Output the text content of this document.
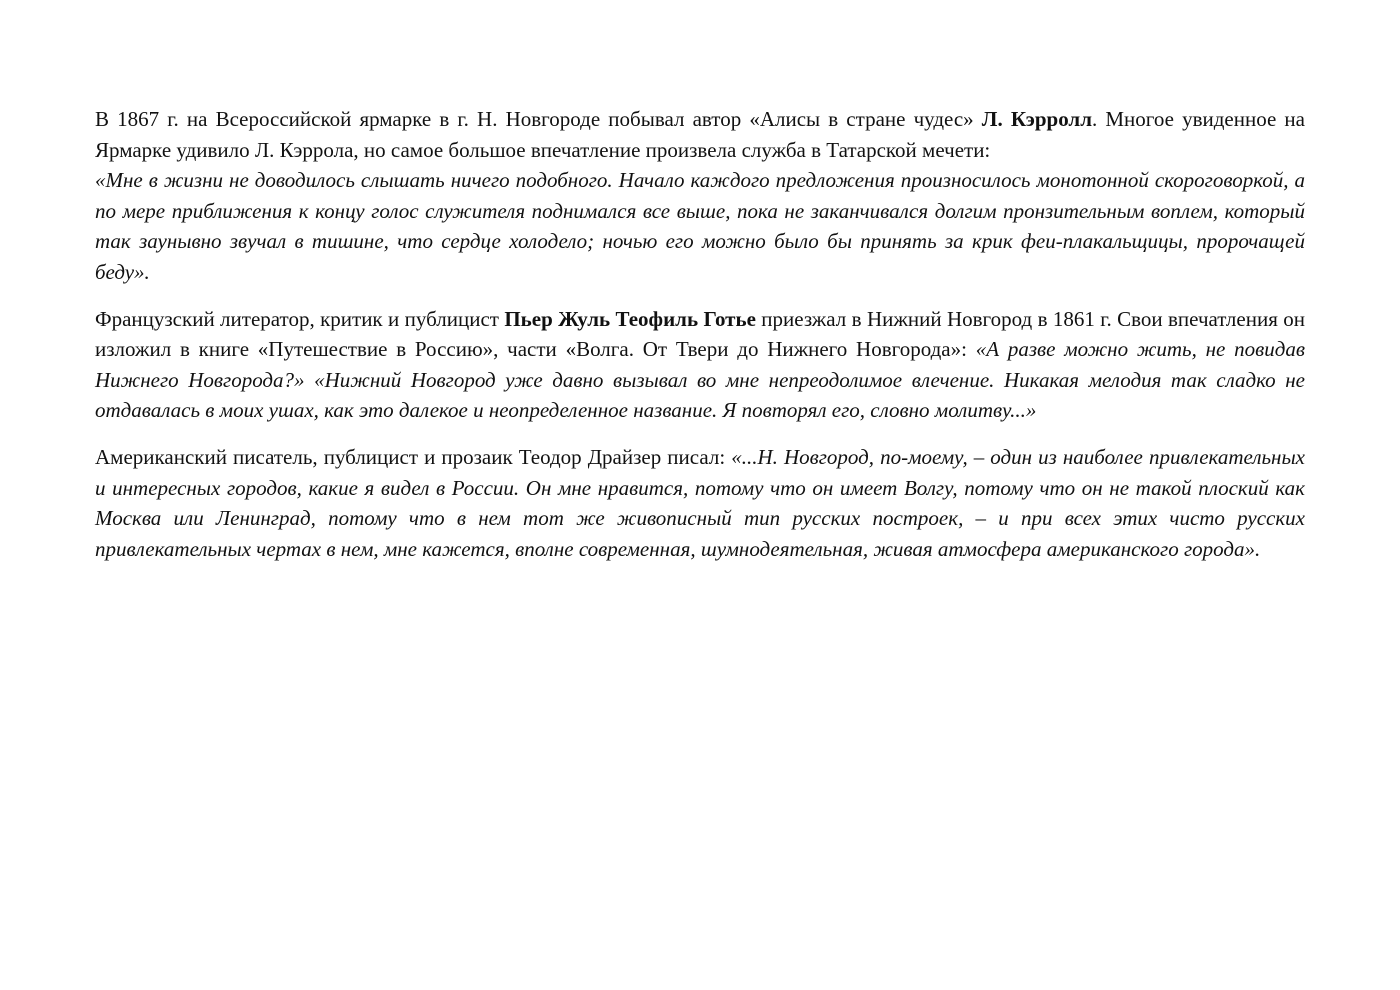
В 1867 г. на Всероссийской ярмарке в г. Н. Новгороде побывал автор «Алисы в стране чудес» Л. Кэрролл. Многое увиденное на Ярмарке удивило Л. Кэррола, но самое большое впечатление произвела служба в Татарской мечети:

«Мне в жизни не доводилось слышать ничего подобного. Начало каждого предложения произносилось монотонной скороговоркой, а по мере приближения к концу голос служителя поднимался все выше, пока не заканчивался долгим пронзительным воплем, который так заунывно звучал в тишине, что сердце холодело; ночью его можно было бы принять за крик феи-плакальщицы, пророчащей беду».

Французский литератор, критик и публицист Пьер Жуль Теофиль Готье приезжал в Нижний Новгород в 1861 г. Свои впечатления он изложил в книге «Путешествие в Россию», части «Волга. От Твери до Нижнего Новгорода»: «А разве можно жить, не повидав Нижнего Новгорода?» «Нижний Новгород уже давно вызывал во мне непреодолимое влечение. Никакая мелодия так сладко не отдавалась в моих ушах, как это далекое и неопределенное название. Я повторял его, словно молитву...»

Американский писатель, публицист и прозаик Теодор Драйзер писал: «...Н. Новгород, по-моему, – один из наиболее привлекательных и интересных городов, какие я видел в России. Он мне нравится, потому что он имеет Волгу, потому что он не такой плоский как Москва или Ленинград, потому что в нем тот же живописный тип русских построек, – и при всех этих чисто русских привлекательных чертах в нем, мне кажется, вполне современная, шумнодеятельная, живая атмосфера американского города».
